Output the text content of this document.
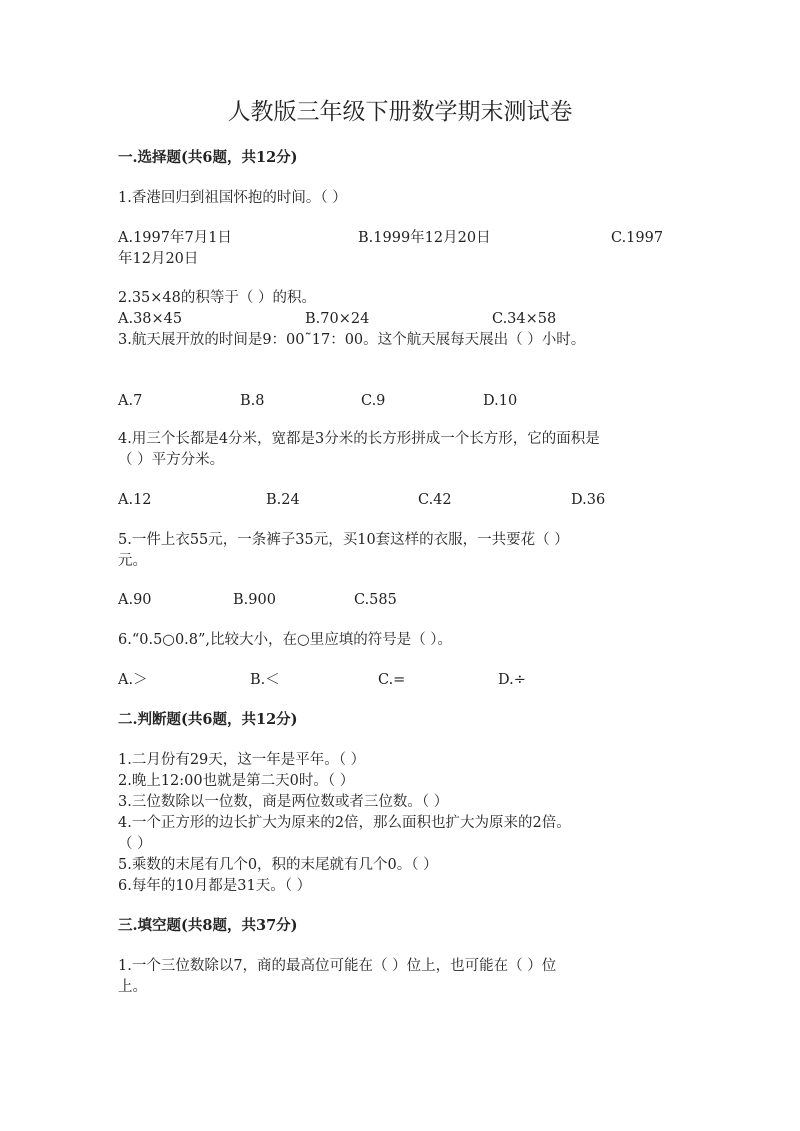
人教版三年级下册数学期末测试卷
一.选择题(共6题，共12分)
1.香港回归到祖国怀抱的时间。（ ）
A.1997年7月1日	B.1999年12月20日	C.1997
年12月20日
2.35×48的积等于（ ）的积。
A.38×45	B.70×24	C.34×58
3.航天展开放的时间是9：00˜17：00。这个航天展每天展出（ ）小时。
A.7	B.8	C.9	D.10
4.用三个长都是4分米，宽都是3分米的长方形拼成一个长方形，它的面积是
（ ）平方分米。
A.12	B.24	C.42	D.36
5.一件上衣55元，一条裤子35元，买10套这样的衣服，一共要花（ ）
元。
A.90	B.900	C.585
6.“0.5○0.8”,比较大小，在○里应填的符号是（ ）。
A.＞	B.＜	C.=	D.÷
二.判断题(共6题，共12分)
1.二月份有29天，这一年是平年。（ ）
2.晚上12:00也就是第二天0时。（ ）
3.三位数除以一位数，商是两位数或者三位数。（ ）
4.一个正方形的边长扩大为原来的2倍，那么面积也扩大为原来的2倍。
（ ）
5.乘数的末尾有几个0，积的末尾就有几个0。（ ）
6.每年的10月都是31天。（ ）
三.填空题(共8题，共37分)
1.一个三位数除以7，商的最高位可能在（ ）位上，也可能在（ ）位
上。
